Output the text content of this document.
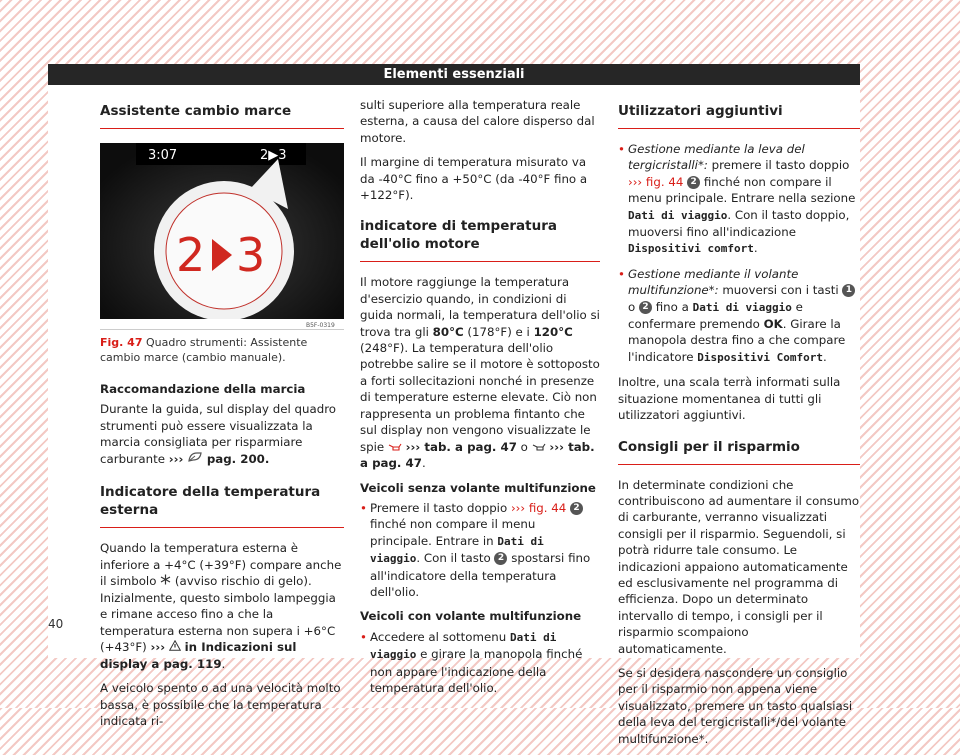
Elementi essenziali
Assistente cambio marce
3:07	2▶3
2 3
B5F-0319
Fig. 47 Quadro strumenti: Assistente cambio marce (cambio manuale).
Raccomandazione della marcia

Durante la guida, sul display del quadro strumenti può essere visualizzata la marcia consigliata per risparmiare carburante ››› pag. 200.

Indicatore della temperatura esterna

Quando la temperatura esterna è inferiore a +4°C (+39°F) compare anche il simbolo (avviso rischio di gelo). Inizialmente, questo simbolo lampeggia e rimane acceso fino a che la temperatura esterna non supera i +6°C (+43°F) ››› in Indicazioni sul display a pag. 119.

A veicolo spento o ad una velocità molto bassa, è possibile che la temperatura indicata ri-

sulti superiore alla temperatura reale esterna, a causa del calore disperso dal motore.

Il margine di temperatura misurato va da -40°C fino a +50°C (da -40°F fino a +122°F).

indicatore di temperatura dell'olio motore

Il motore raggiunge la temperatura d'esercizio quando, in condizioni di guida normali, la temperatura dell'olio si trova tra gli 80°C (178°F) e i 120°C (248°F). La temperatura dell'olio potrebbe salire se il motore è sottoposto a forti sollecitazioni nonché in presenze di temperature esterne elevate. Ciò non rappresenta un problema fintanto che sul display non vengono visualizzate le spie ››› tab. a pag. 47 o ››› tab. a pag. 47.

Veicoli senza volante multifunzione

• Premere il tasto doppio ››› fig. 44 2 finché non compare il menu principale. Entrare in Dati di viaggio. Con il tasto 2 spostarsi fino all'indicatore della temperatura dell'olio.

Veicoli con volante multifunzione

• Accedere al sottomenu Dati di viaggio e girare la manopola finché non appare l'indicazione della temperatura dell'olio.

Utilizzatori aggiuntivi

• Gestione mediante la leva del tergicristalli*: premere il tasto doppio ››› fig. 44 2 finché non compare il menu principale. Entrare nella sezione Dati di viaggio. Con il tasto doppio, muoversi fino all'indicazione Dispositivi comfort.

• Gestione mediante il volante multifunzione*: muoversi con i tasti 1 o 2 fino a Dati di viaggio e confermare premendo OK. Girare la manopola destra fino a che compare l'indicatore Dispositivi Comfort.

Inoltre, una scala terrà informati sulla situazione momentanea di tutti gli utilizzatori aggiuntivi.

Consigli per il risparmio

In determinate condizioni che contribuiscono ad aumentare il consumo di carburante, verranno visualizzati consigli per il risparmio. Seguendoli, si potrà ridurre tale consumo. Le indicazioni appaiono automaticamente ed esclusivamente nel programma di efficienza. Dopo un determinato intervallo di tempo, i consigli per il risparmio scompaiono automaticamente.

Se si desidera nascondere un consiglio per il risparmio non appena viene visualizzato, premere un tasto qualsiasi della leva del tergicristalli*/del volante multifunzione*.

40
